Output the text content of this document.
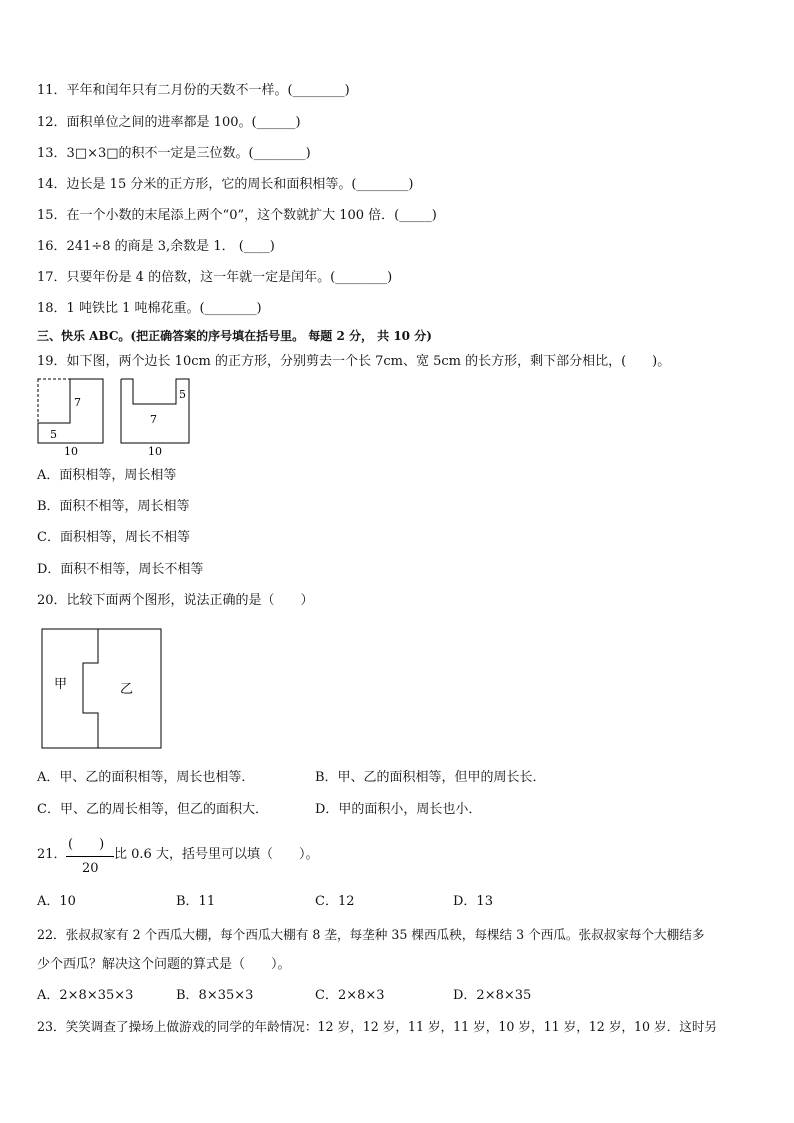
11．平年和闰年只有二月份的天数不一样。(________)
12．面积单位之间的进率都是 100。(______)
13．3□×3□的积不一定是三位数。(________)
14．边长是 15 分米的正方形，它的周长和面积相等。(________)
15．在一个小数的末尾添上两个“0”，这个数就扩大 100 倍．(_____)
16．241÷8 的商是 3,余数是 1． (____)
17．只要年份是 4 的倍数，这一年就一定是闰年。(________)
18．1 吨铁比 1 吨棉花重。(________)
三、快乐 ABC。(把正确答案的序号填在括号里。 每题 2 分， 共 10 分)
19．如下图，两个边长 10cm 的正方形，分别剪去一个长 7cm、宽 5cm 的长方形，剩下部分相比，(　　)。
7
5
10
5
7
10
A．面积相等，周长相等
B．面积不相等，周长相等
C．面积相等，周长不相等
D．面积不相等，周长不相等
20．比较下面两个图形，说法正确的是（　　）
甲	乙
A．甲、乙的面积相等，周长也相等．	B．甲、乙的面积相等，但甲的周长长．
C．甲、乙的周长相等，但乙的面积大．	D．甲的面积小，周长也小．
21．
(　　)
20
比 0.6 大，括号里可以填（　　）。
A．10	B．11	C．12	D．13
22．张叔叔家有 2 个西瓜大棚，每个西瓜大棚有 8 垄，每垄种 35 棵西瓜秧，每棵结 3 个西瓜。张叔叔家每个大棚结多
少个西瓜？解决这个问题的算式是（　　）。
A．2×8×35×3	B．8×35×3	C．2×8×3	D．2×8×35
23．笑笑调查了操场上做游戏的同学的年龄情况：12 岁，12 岁，11 岁，11 岁，10 岁，11 岁，12 岁，10 岁．这时另
